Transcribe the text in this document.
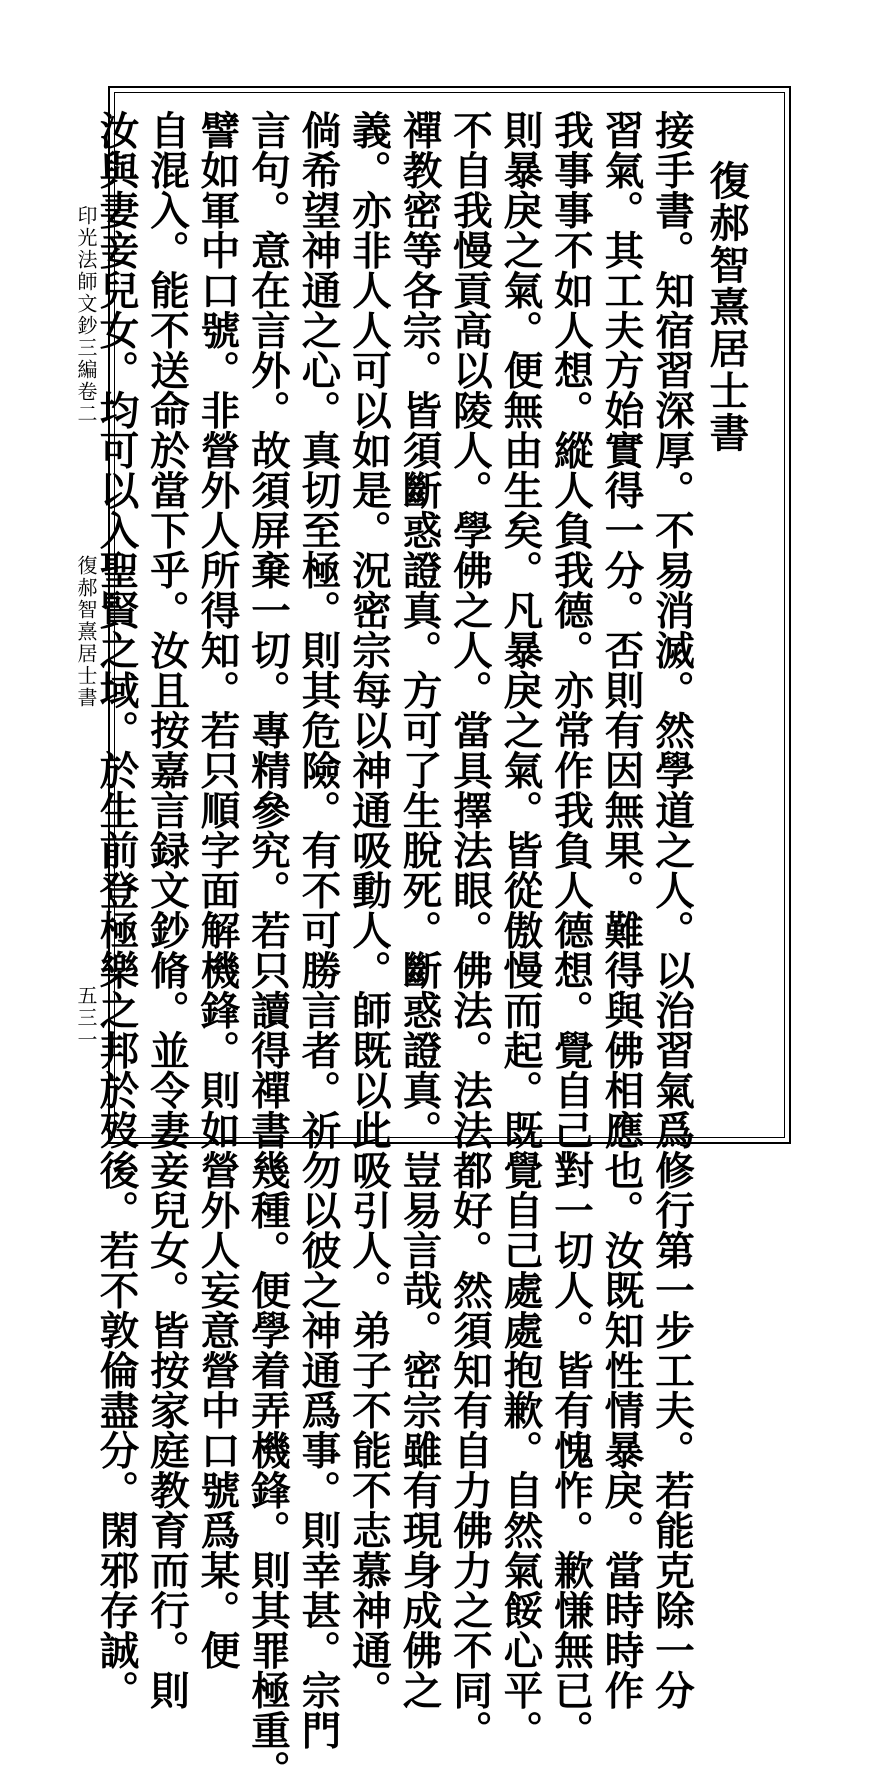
印光法師文鈔三編卷二
復郝智熹居士書
五三一

復郝智熹居士書

接手書。知宿習深厚。不易消滅。然學道之人。以治習氣爲修行第一步工夫。若能克除一分

習氣。其工夫方始實得一分。否則有因無果。難得與佛相應也。汝既知性情暴戾。當時時作

我事事不如人想。縱人負我德。亦常作我負人德想。覺自己對一切人。皆有愧怍。歉慊無已。

則暴戾之氣。便無由生矣。凡暴戾之氣。皆從傲慢而起。既覺自己處處抱歉。自然氣餒心平。

不自我慢貢高以陵人。學佛之人。當具擇法眼。佛法。法法都好。然須知有自力佛力之不同。

禪教密等各宗。皆須斷惑證真。方可了生脫死。斷惑證真。豈易言哉。密宗雖有現身成佛之

義。亦非人人可以如是。況密宗每以神通吸動人。師既以此吸引人。弟子不能不志慕神通。

倘希望神通之心。真切至極。則其危險。有不可勝言者。祈勿以彼之神通爲事。則幸甚。宗門

言句。意在言外。故須屏棄一切。專精參究。若只讀得禪書幾種。便學着弄機鋒。則其罪極重。

譬如軍中口號。非營外人所得知。若只順字面解機鋒。則如營外人妄意營中口號爲某。便

自混入。能不送命於當下乎。汝且按嘉言録文鈔脩。並令妻妾兒女。皆按家庭教育而行。則

汝與妻妾兒女。均可以入聖賢之域。於生前登極樂之邦於歿後。若不敦倫盡分。閑邪存誠。
